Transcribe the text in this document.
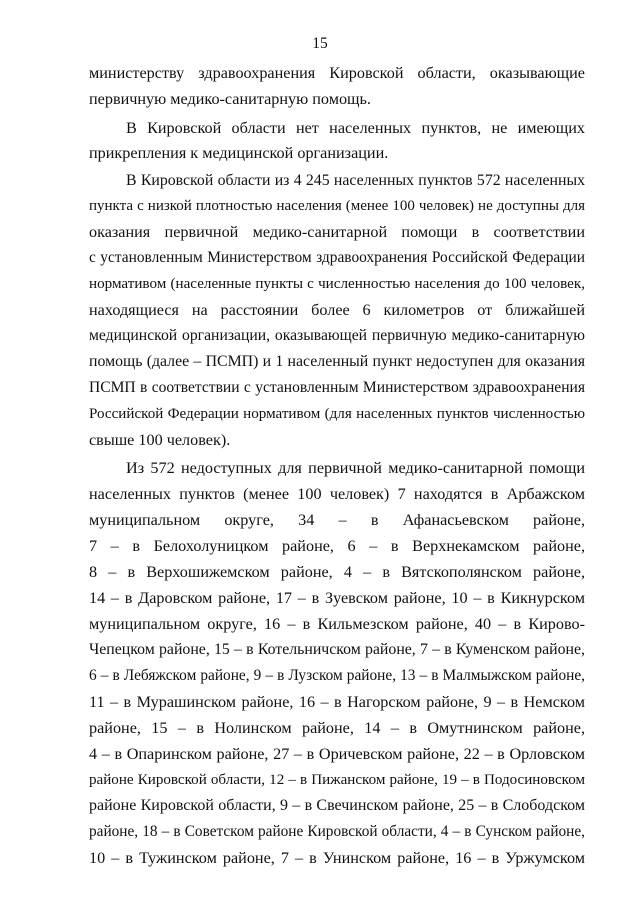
15
министерству здравоохранения Кировской области, оказывающие
первичную медико-санитарную помощь.
В Кировской области нет населенных пунктов, не имеющих
прикрепления к медицинской организации.
В Кировской области из 4 245 населенных пунктов 572 населенных
пункта с низкой плотностью населения (менее 100 человек) не доступны для
оказания первичной медико-санитарной помощи в соответствии
с установленным Министерством здравоохранения Российской Федерации
нормативом (населенные пункты с численностью населения до 100 человек,
находящиеся на расстоянии более 6 километров от ближайшей
медицинской организации, оказывающей первичную медико-санитарную
помощь (далее – ПСМП) и 1 населенный пункт недоступен для оказания
ПСМП в соответствии с установленным Министерством здравоохранения
Российской Федерации нормативом (для населенных пунктов численностью
свыше 100 человек).
Из 572 недоступных для первичной медико-санитарной помощи
населенных пунктов (менее 100 человек) 7 находятся в Арбажском
муниципальном округе, 34 – в Афанасьевском районе,
7 – в Белохолуницком районе, 6 – в Верхнекамском районе,
8 – в Верхошижемском районе, 4 – в Вятскополянском районе,
14 – в Даровском районе, 17 – в Зуевском районе, 10 – в Кикнурском
муниципальном округе, 16 – в Кильмезском районе, 40 – в Кирово-
Чепецком районе, 15 – в Котельничском районе, 7 – в Куменском районе,
6 – в Лебяжском районе, 9 – в Лузском районе, 13 – в Малмыжском районе,
11 – в Мурашинском районе, 16 – в Нагорском районе, 9 – в Немском
районе, 15 – в Нолинском районе, 14 – в Омутнинском районе,
4 – в Опаринском районе, 27 – в Оричевском районе, 22 – в Орловском
районе Кировской области, 12 – в Пижанском районе, 19 – в Подосиновском
районе Кировской области, 9 – в Свечинском районе, 25 – в Слободском
районе, 18 – в Советском районе Кировской области, 4 – в Сунском районе,
10 – в Тужинском районе, 7 – в Унинском районе, 16 – в Уржумском
